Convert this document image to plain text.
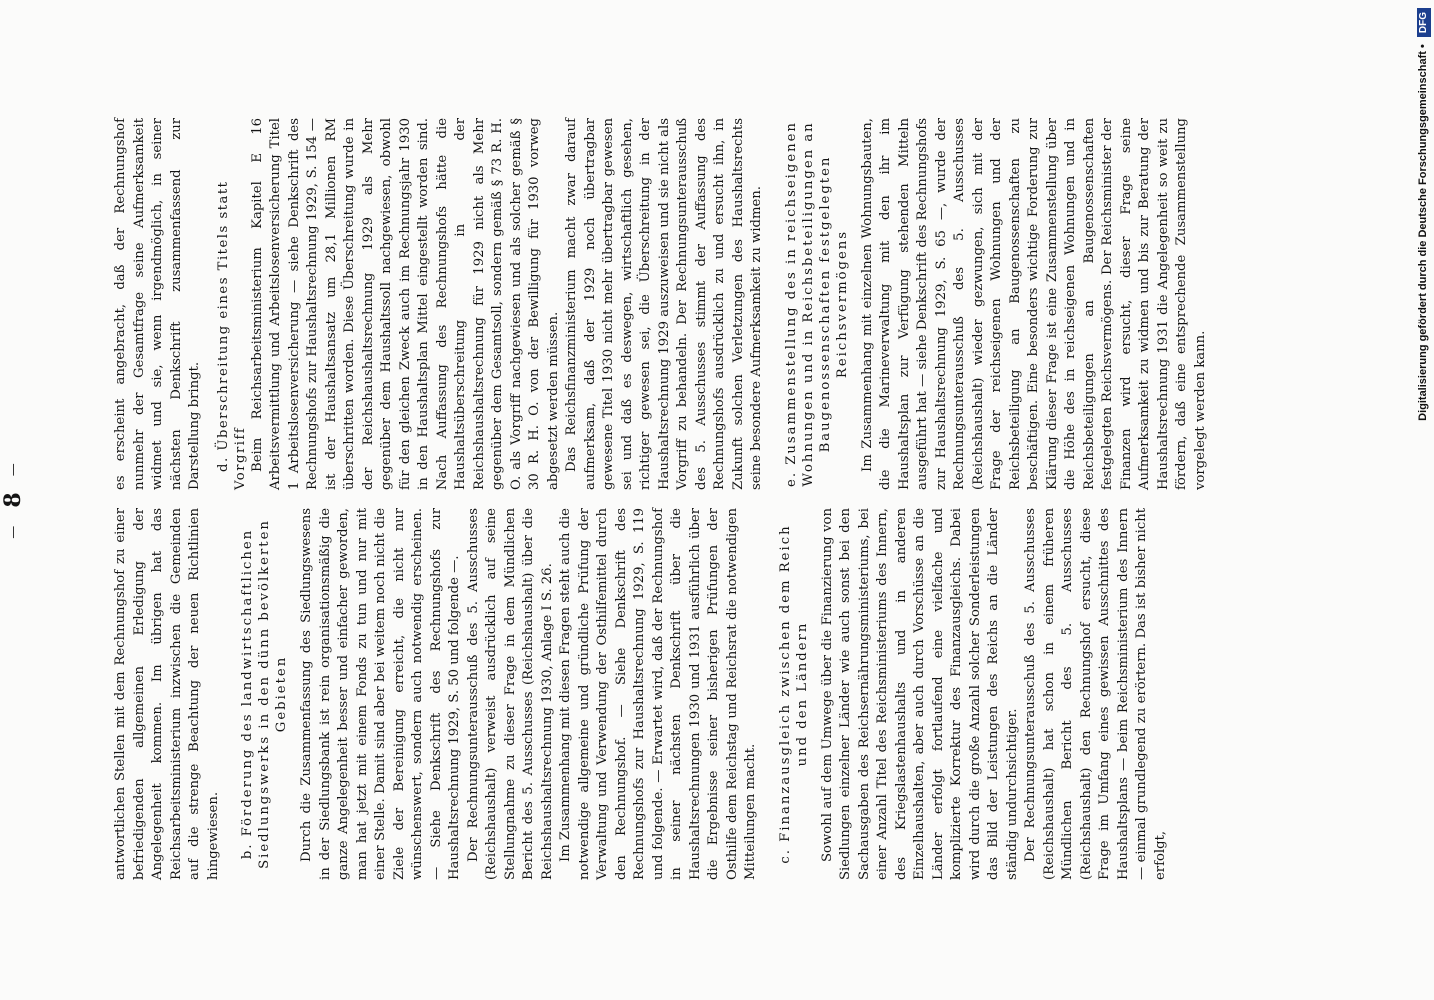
— 8 —

antwortlichen Stellen mit dem Rechnungshof zu einer befriedigenden allgemeinen Erledigung der Angelegenheit kommen. Im übrigen hat das Reichsarbeitsministerium inzwischen die Gemeinden auf die strenge Beachtung der neuen Richtlinien hingewiesen. b. Förderung des landwirtschaftlichen Siedlungswerks in den dünn bevölkerten Gebieten Durch die Zusammenfassung des Siedlungswesens in der Siedlungsbank ist rein organisationsmäßig die ganze Angelegenheit besser und einfacher geworden, man hat jetzt mit einem Fonds zu tun und nur mit einer Stelle. Damit sind aber bei weitem noch nicht die Ziele der Bereinigung erreicht, die nicht nur wünschenswert, sondern auch notwendig erscheinen. — Siehe Denkschrift des Rechnungshofs zur Haushaltsrechnung 1929, S. 50 und folgende —. Der Rechnungsunterausschuß des 5. Ausschusses (Reichshaushalt) verweist ausdrücklich auf seine Stellungnahme zu dieser Frage in dem Mündlichen Bericht des 5. Ausschusses (Reichshaushalt) über die Reichshaushaltsrechnung 1930, Anlage I S. 26. Im Zusammenhang mit diesen Fragen steht auch die notwendige allgemeine und gründliche Prüfung der Verwaltung und Verwendung der Osthilfemittel durch den Rechnungshof. — Siehe Denkschrift des Rechnungshofs zur Haushaltsrechnung 1929, S. 119 und folgende. — Erwartet wird, daß der Rechnungshof in seiner nächsten Denkschrift über die Haushaltsrechnungen 1930 und 1931 ausführlich über die Ergebnisse seiner bisherigen Prüfungen der Osthilfe dem Reichstag und Reichsrat die notwendigen Mitteilungen macht. c. Finanzausgleich zwischen dem Reich und den Ländern Sowohl auf dem Umwege über die Finanzierung von Siedlungen einzelner Länder wie auch sonst bei den Sachausgaben des Reichsernährungsministeriums, bei einer Anzahl Titel des Reichsministeriums des Innern, des Kriegslastenhaushalts und in anderen Einzelhaushalten, aber auch durch Vorschüsse an die Länder erfolgt fortlaufend eine vielfache und komplizierte Korrektur des Finanzausgleichs. Dabei wird durch die große Anzahl solcher Sonderleistungen das Bild der Leistungen des Reichs an die Länder ständig undurchsichtiger. Der Rechnungsunterausschuß des 5. Ausschusses (Reichshaushalt) hat schon in einem früheren Mündlichen Bericht des 5. Ausschusses (Reichshaushalt) den Rechnungshof ersucht, diese Frage im Umfang eines gewissen Ausschnittes des Haushaltsplans — beim Reichsministerium des Innern — einmal grundlegend zu erörtern. Das ist bisher nicht erfolgt,

es erscheint angebracht, daß der Rechnungshof nunmehr der Gesamtfrage seine Aufmerksamkeit widmet und sie, wenn irgendmöglich, in seiner nächsten Denkschrift zusammenfassend zur Darstellung bringt. d. Überschreitung eines Titels statt Vorgriff Beim Reichsarbeitsministerium Kapitel E 16 Arbeitsvermittlung und Arbeitslosenversicherung Titel 1 Arbeitslosenversicherung — siehe Denkschrift des Rechnungshofs zur Haushaltsrechnung 1929, S. 154 — ist der Haushaltsansatz um 28,1 Millionen RM überschritten worden. Diese Überschreitung wurde in der Reichshaushaltsrechnung 1929 als Mehr gegenüber dem Haushaltssoll nachgewiesen, obwohl für den gleichen Zweck auch im Rechnungsjahr 1930 in den Haushaltsplan Mittel eingestellt worden sind. Nach Auffassung des Rechnungshofs hätte die Haushaltsüberschreitung in der Reichshaushaltsrechnung für 1929 nicht als Mehr gegenüber dem Gesamtsoll, sondern gemäß § 73 R. H. O. als Vorgriff nachgewiesen und als solcher gemäß § 30 R. H. O. von der Bewilligung für 1930 vorweg abgesetzt werden müssen. Das Reichsfinanzministerium macht zwar darauf aufmerksam, daß der 1929 noch übertragbar gewesene Titel 1930 nicht mehr übertragbar gewesen sei und daß es deswegen, wirtschaftlich gesehen, richtiger gewesen sei, die Überschreitung in der Haushaltsrechnung 1929 auszuweisen und sie nicht als Vorgriff zu behandeln. Der Rechnungsunterausschuß des 5. Ausschusses stimmt der Auffassung des Rechnungshofs ausdrücklich zu und ersucht ihn, in Zukunft solchen Verletzungen des Haushaltsrechts seine besondere Aufmerksamkeit zu widmen. e. Zusammenstellung des in reichseigenen Wohnungen und in Reichsbeteiligungen an Baugenossenschaften festgelegten Reichsvermögens Im Zusammenhang mit einzelnen Wohnungsbauten, die die Marineverwaltung mit den ihr im Haushaltsplan zur Verfügung stehenden Mitteln ausgeführt hat — siehe Denkschrift des Rechnungshofs zur Haushaltsrechnung 1929, S. 65 —, wurde der Rechnungsunterausschuß des 5. Ausschusses (Reichshaushalt) wieder gezwungen, sich mit der Frage der reichseigenen Wohnungen und der Reichsbeteiligung an Baugenossenschaften zu beschäftigen. Eine besonders wichtige Forderung zur Klärung dieser Frage ist eine Zusammenstellung über die Höhe des in reichseigenen Wohnungen und in Reichsbeteiligungen an Baugenossenschaften festgelegten Reichsvermögens. Der Reichsminister der Finanzen wird ersucht, dieser Frage seine Aufmerksamkeit zu widmen und bis zur Beratung der Haushaltsrechnung 1931 die Angelegenheit so weit zu fördern, daß eine entsprechende Zusammenstellung vorgelegt werden kann.	Digitalisierung gefördert durch die Deutsche Forschungsgemeinschaft • DFG
